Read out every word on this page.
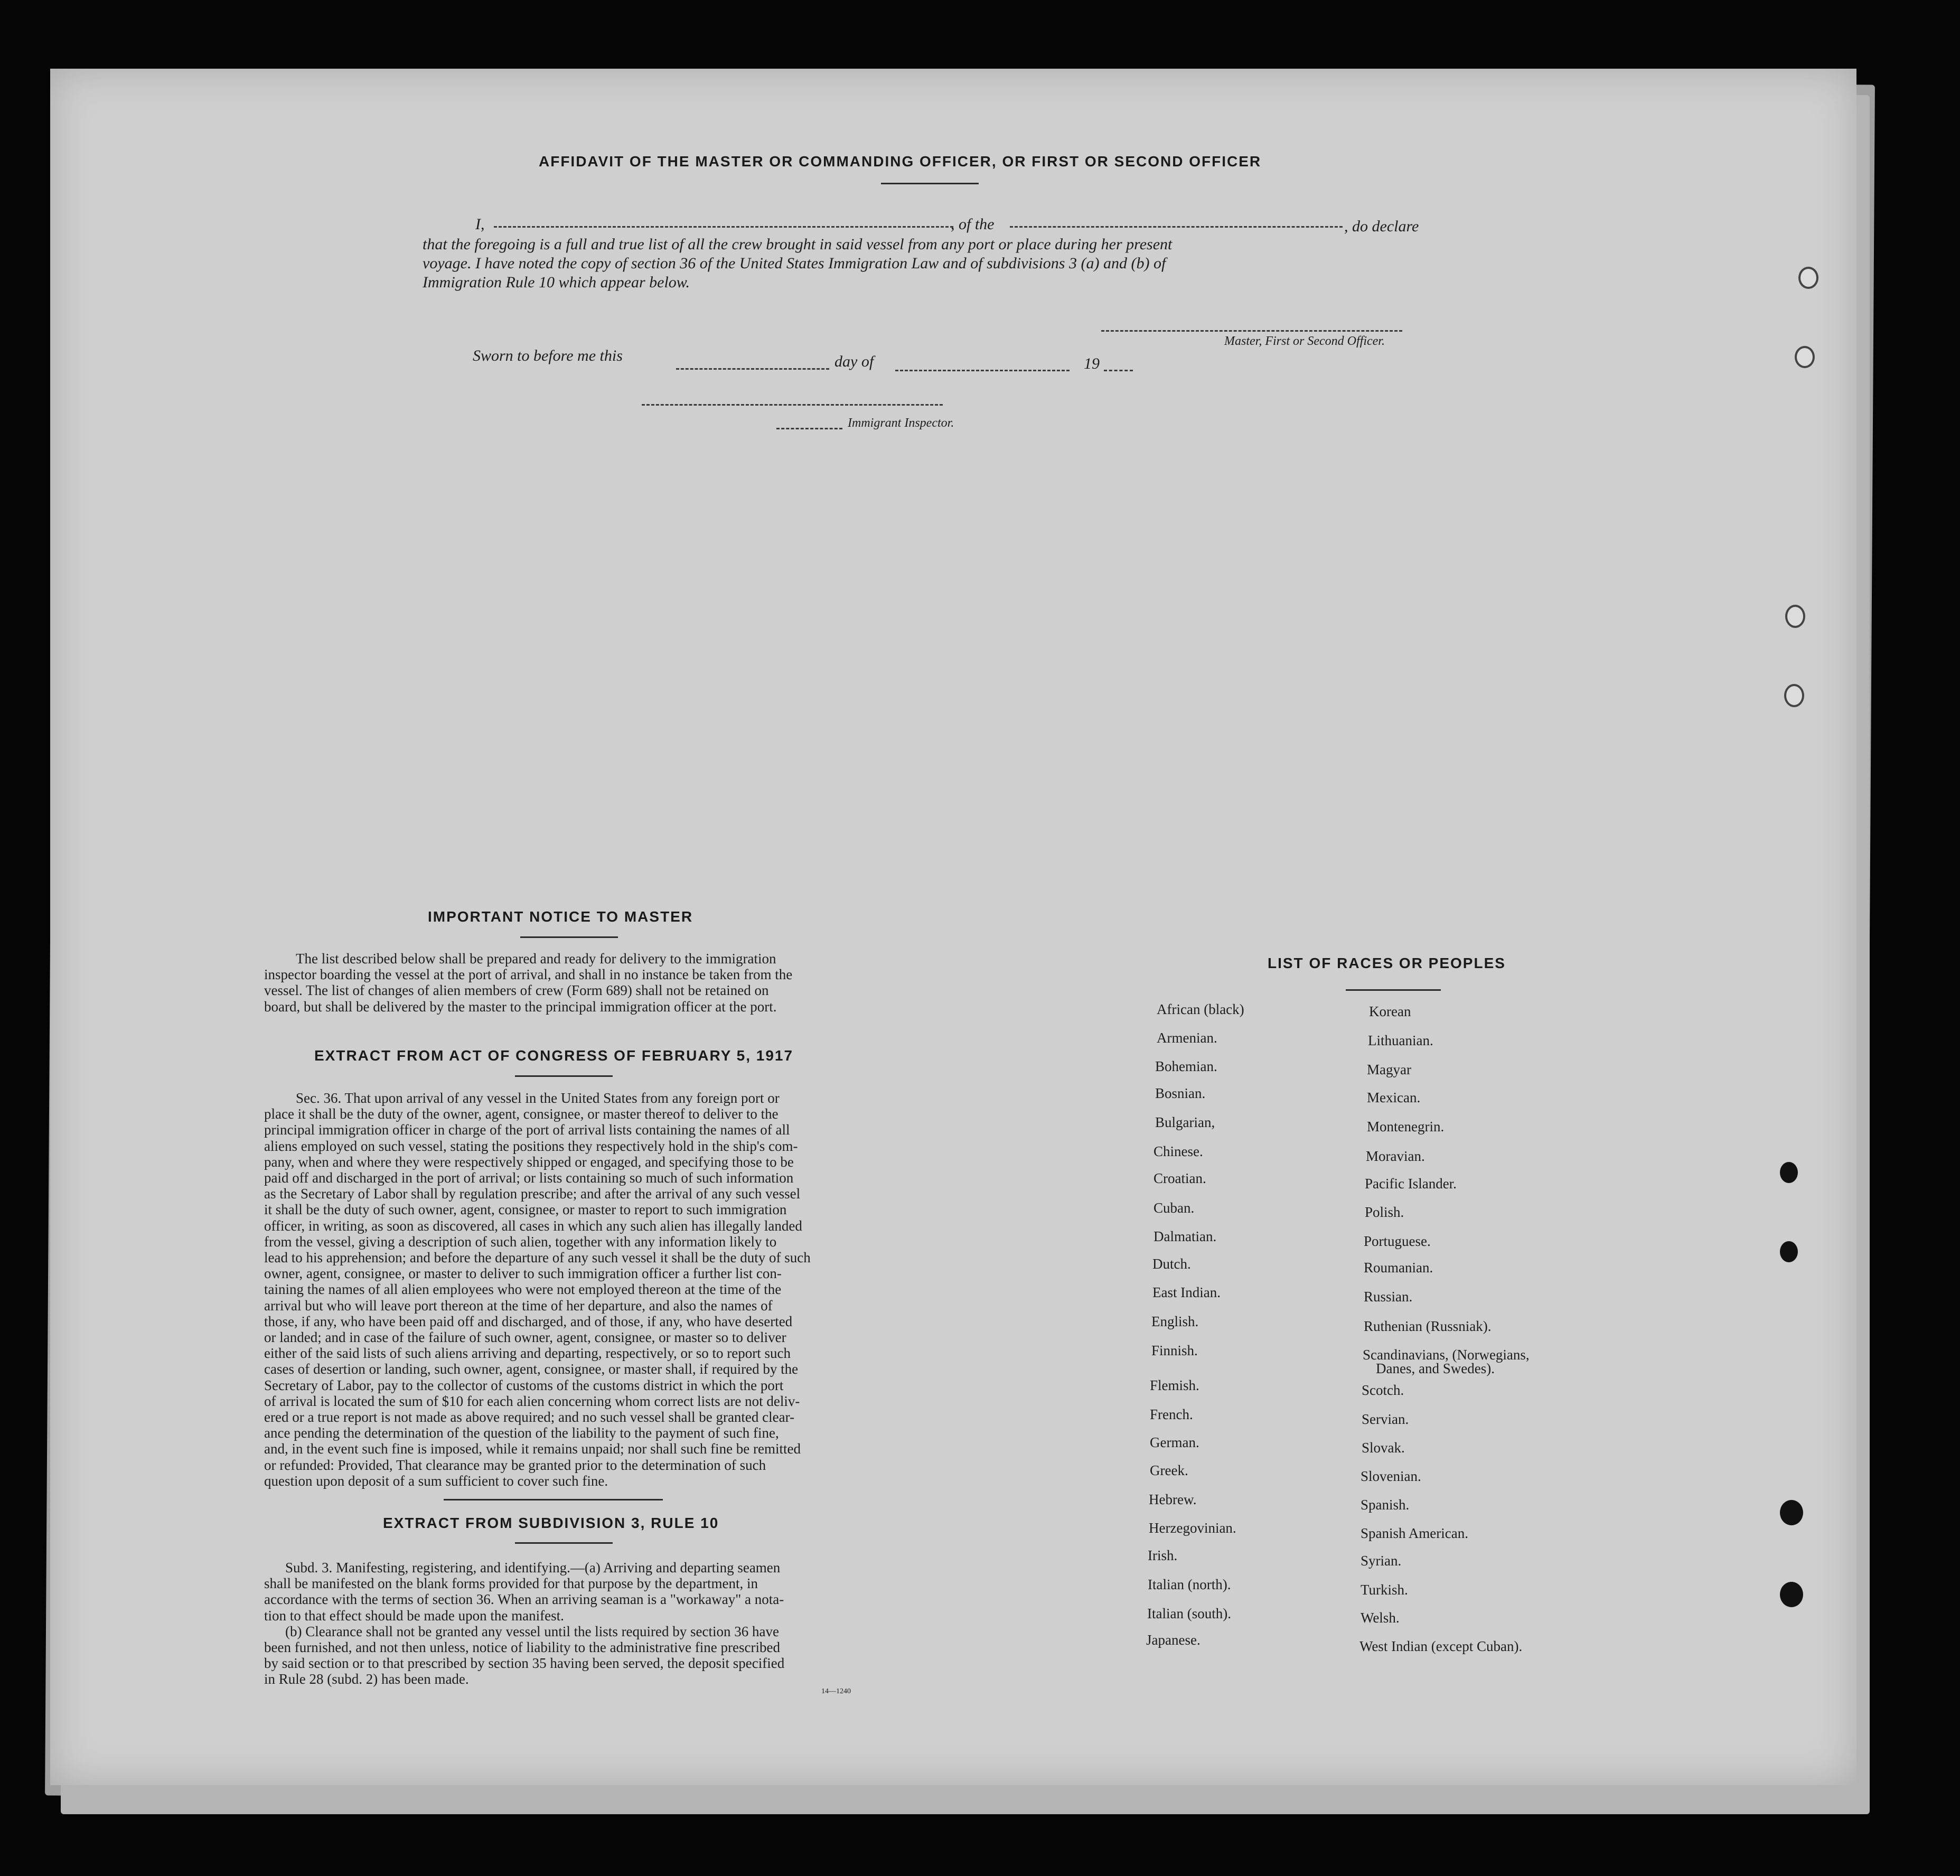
AFFIDAVIT OF THE MASTER OR COMMANDING OFFICER, OR FIRST OR SECOND OFFICER
I,	, of the	, do declare
that the foregoing is a full and true list of all the crew brought in said vessel from any port or place during her present
voyage. I have noted the copy of section 36 of the United States Immigration Law and of subdivisions 3 (a) and (b) of
Immigration Rule 10 which appear below.
Master, First or Second Officer.
Sworn to before me this	day of	19
Immigrant Inspector.
IMPORTANT NOTICE TO MASTER
The list described below shall be prepared and ready for delivery to the immigration
inspector boarding the vessel at the port of arrival, and shall in no instance be taken from the
vessel. The list of changes of alien members of crew (Form 689) shall not be retained on
board, but shall be delivered by the master to the principal immigration officer at the port.
EXTRACT FROM ACT OF CONGRESS OF FEBRUARY 5, 1917
Sec. 36. That upon arrival of any vessel in the United States from any foreign port or
place it shall be the duty of the owner, agent, consignee, or master thereof to deliver to the
principal immigration officer in charge of the port of arrival lists containing the names of all
aliens employed on such vessel, stating the positions they respectively hold in the ship's com-
pany, when and where they were respectively shipped or engaged, and specifying those to be
paid off and discharged in the port of arrival; or lists containing so much of such information
as the Secretary of Labor shall by regulation prescribe; and after the arrival of any such vessel
it shall be the duty of such owner, agent, consignee, or master to report to such immigration
officer, in writing, as soon as discovered, all cases in which any such alien has illegally landed
from the vessel, giving a description of such alien, together with any information likely to
lead to his apprehension; and before the departure of any such vessel it shall be the duty of such
owner, agent, consignee, or master to deliver to such immigration officer a further list con-
taining the names of all alien employees who were not employed thereon at the time of the
arrival but who will leave port thereon at the time of her departure, and also the names of
those, if any, who have been paid off and discharged, and of those, if any, who have deserted
or landed; and in case of the failure of such owner, agent, consignee, or master so to deliver
either of the said lists of such aliens arriving and departing, respectively, or so to report such
cases of desertion or landing, such owner, agent, consignee, or master shall, if required by the
Secretary of Labor, pay to the collector of customs of the customs district in which the port
of arrival is located the sum of $10 for each alien concerning whom correct lists are not deliv-
ered or a true report is not made as above required; and no such vessel shall be granted clear-
ance pending the determination of the question of the liability to the payment of such fine,
and, in the event such fine is imposed, while it remains unpaid; nor shall such fine be remitted
or refunded: Provided, That clearance may be granted prior to the determination of such
question upon deposit of a sum sufficient to cover such fine.
EXTRACT FROM SUBDIVISION 3, RULE 10
Subd. 3. Manifesting, registering, and identifying.—(a) Arriving and departing seamen
shall be manifested on the blank forms provided for that purpose by the department, in
accordance with the terms of section 36. When an arriving seaman is a "workaway" a nota-
tion to that effect should be made upon the manifest.
(b) Clearance shall not be granted any vessel until the lists required by section 36 have
been furnished, and not then unless, notice of liability to the administrative fine prescribed
by said section or to that prescribed by section 35 having been served, the deposit specified
in Rule 28 (subd. 2) has been made.
14—1240
LIST OF RACES OR PEOPLES
African (black)
Armenian.
Bohemian.
Bosnian.
Bulgarian,
Chinese.
Croatian.
Cuban.
Dalmatian.
Dutch.
East Indian.
English.
Finnish.
Flemish.
French.
German.
Greek.
Hebrew.
Herzegovinian.
Irish.
Italian (north).
Italian (south).
Japanese.
Korean
Lithuanian.
Magyar
Mexican.
Montenegrin.
Moravian.
Pacific Islander.
Polish.
Portuguese.
Roumanian.
Russian.
Ruthenian (Russniak).
Scandinavians, (Norwegians,
Danes, and Swedes).
Scotch.
Servian.
Slovak.
Slovenian.
Spanish.
Spanish American.
Syrian.
Turkish.
Welsh.
West Indian (except Cuban).
